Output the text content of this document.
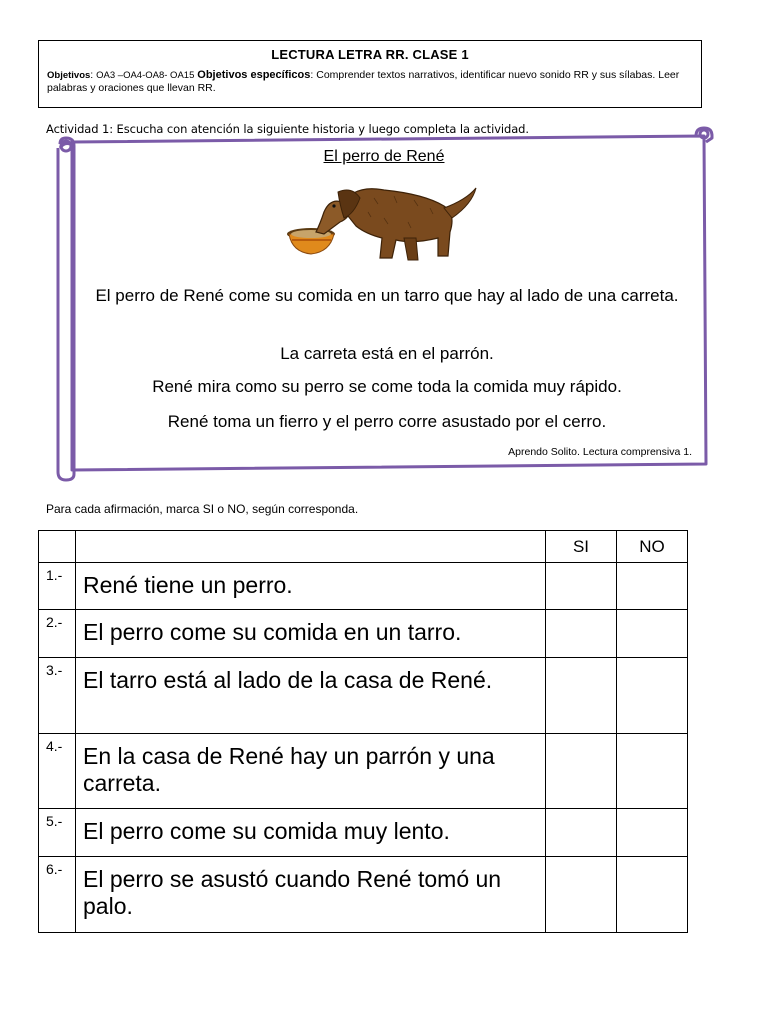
LECTURA LETRA RR. CLASE 1
Objetivos: OA3 –OA4-OA8- OA15 Objetivos específicos: Comprender textos narrativos, identificar nuevo sonido RR y sus sílabas. Leer palabras y oraciones que llevan RR.
Actividad 1: Escucha con atención la siguiente historia y luego completa la actividad.
El perro de René
El perro de René come su comida en un tarro que hay al lado de una carreta.
La carreta está en el parrón.
René mira como su perro se come toda la comida muy rápido.
René toma un fierro y el perro corre asustado por el cerro.
Aprendo Solito. Lectura comprensiva 1.
Para cada afirmación, marca SI o NO, según corresponda.
		SI	NO
1.-	René tiene un perro.		
2.-	El perro come su comida en un tarro.		
3.-	El tarro está al lado de la casa de René.		
4.-	En la casa de René hay un parrón y una carreta.		
5.-	El perro come su comida muy lento.		
6.-	El perro se asustó cuando René tomó un palo.		
